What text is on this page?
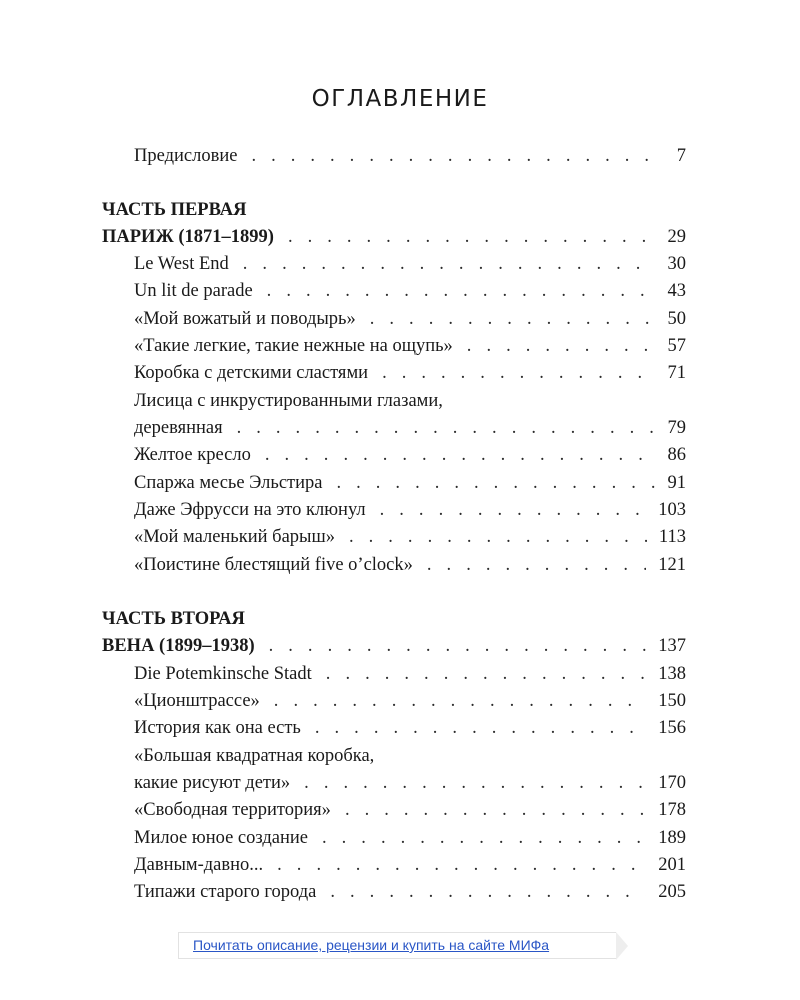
ОГЛАВЛЕНИЕ
Предисловие . . .	7
ЧАСТЬ ПЕРВАЯ
ПАРИЖ (1871–1899) . . .	29
Le West End . . .	30
Un lit de parade . . .	43
«Мой вожатый и поводырь» . . .	50
«Такие легкие, такие нежные на ощупь» . . .	57
Коробка с детскими сластями . . .	71
Лисица с инкрустированными глазами,
деревянная . . .	79
Желтое кресло . . .	86
Спаржа месье Эльстира . . .	91
Даже Эфрусси на это клюнул . . .	103
«Мой маленький барыш» . . .	113
«Поистине блестящий five o’clock» . . .	121
ЧАСТЬ ВТОРАЯ
ВЕНА (1899–1938) . . .	137
Die Potemkinsche Stadt . . .	138
«Ционштрассе» . . .	150
История как она есть . . .	156
«Большая квадратная коробка,
какие рисуют дети» . . .	170
«Свободная территория» . . .	178
Милое юное создание . . .	189
Давным-давно... . . .	201
Типажи старого города . . .	205
Почитать описание, рецензии и купить на сайте МИФа
